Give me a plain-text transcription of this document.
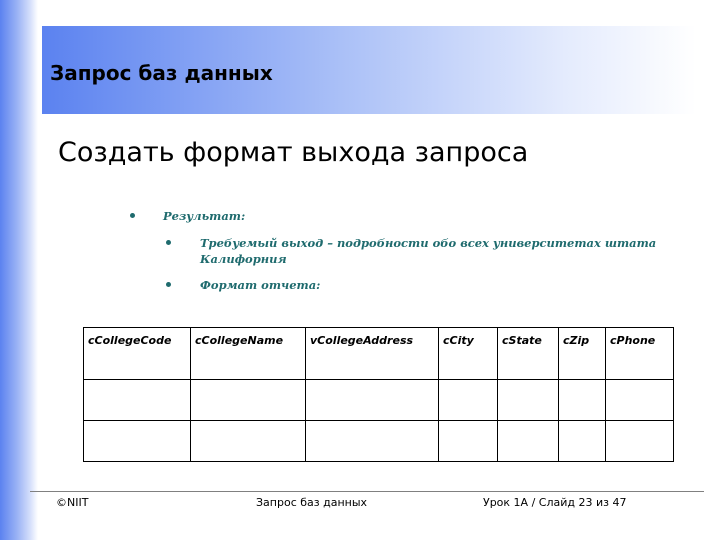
Запрос баз данных
Создать формат выхода запроса
Результат:
Требуемый выход – подробности обо всех университетах штата
Калифорния
Формат отчета:
cCollegeCode	cCollegeName	vCollegeAddress	cCity	cState	cZip	cPhone

©NIIT	Запрос баз данных	Урок 1А / Слайд 23 из 47
